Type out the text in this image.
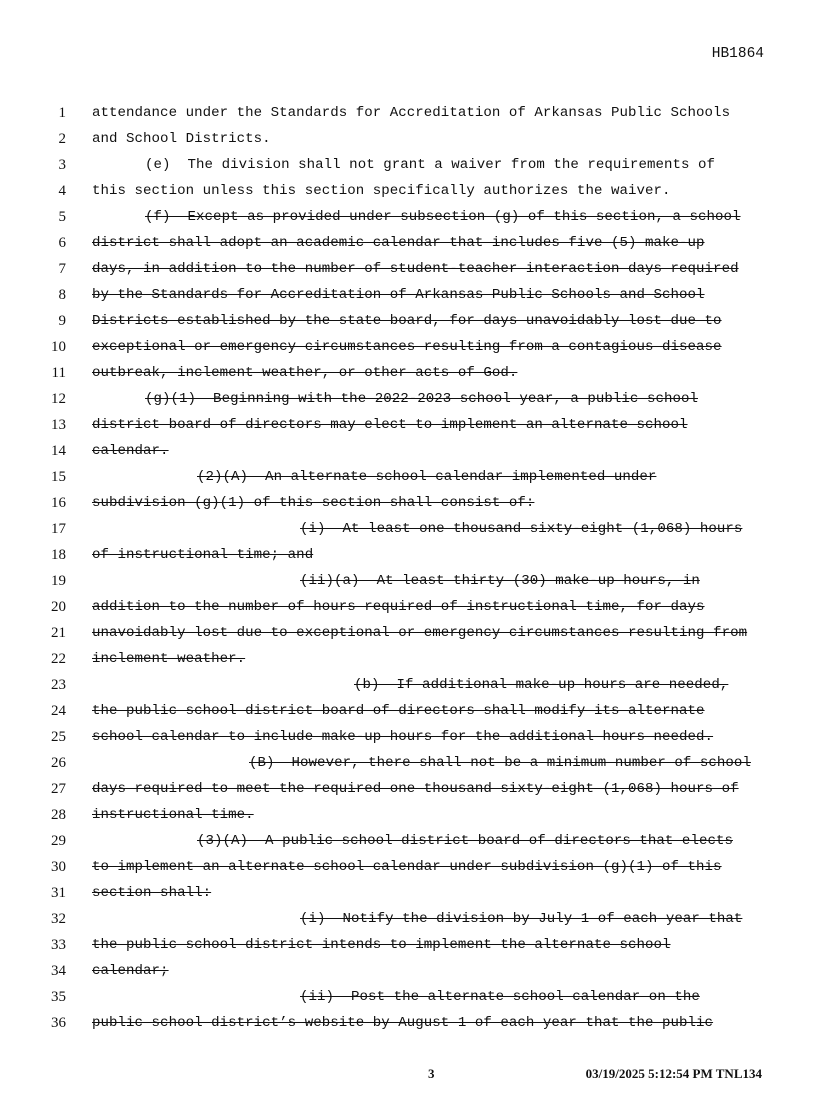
HB1864
1 attendance under the Standards for Accreditation of Arkansas Public Schools
2 and School Districts.
3	(e)  The division shall not grant a waiver from the requirements of
4 this section unless this section specifically authorizes the waiver.
5	(f)  Except as provided under subsection (g) of this section, a school
6 district shall adopt an academic calendar that includes five (5) make-up
7 days, in addition to the number of student-teacher interaction days required
8 by the Standards for Accreditation of Arkansas Public Schools and School
9 Districts established by the state board, for days unavoidably lost due to
10 exceptional or emergency circumstances resulting from a contagious disease
11 outbreak, inclement weather, or other acts of God.
12	(g)(1)  Beginning with the 2022-2023 school year, a public school
13 district board of directors may elect to implement an alternate school
14 calendar.
15	(2)(A)  An alternate school calendar implemented under
16 subdivision (g)(1) of this section shall consist of:
17	(i)  At least one thousand sixty-eight (1,068) hours
18 of instructional time; and
19	(ii)(a)  At least thirty (30) make-up hours, in
20 addition to the number of hours required of instructional time, for days
21 unavoidably lost due to exceptional or emergency circumstances resulting from
22 inclement weather.
23	(b)  If additional make-up hours are needed,
24 the public school district board of directors shall modify its alternate
25 school calendar to include make-up hours for the additional hours needed.
26	(B)  However, there shall not be a minimum number of school
27 days required to meet the required one thousand sixty-eight (1,068) hours of
28 instructional time.
29	(3)(A)  A public school district board of directors that elects
30 to implement an alternate school calendar under subdivision (g)(1) of this
31 section shall:
32	(i)  Notify the division by July 1 of each year that
33 the public school district intends to implement the alternate school
34 calendar;
35	(ii)  Post the alternate school calendar on the
36 public school district’s website by August 1 of each year that the public
3	03/19/2025 5:12:54 PM TNL134
